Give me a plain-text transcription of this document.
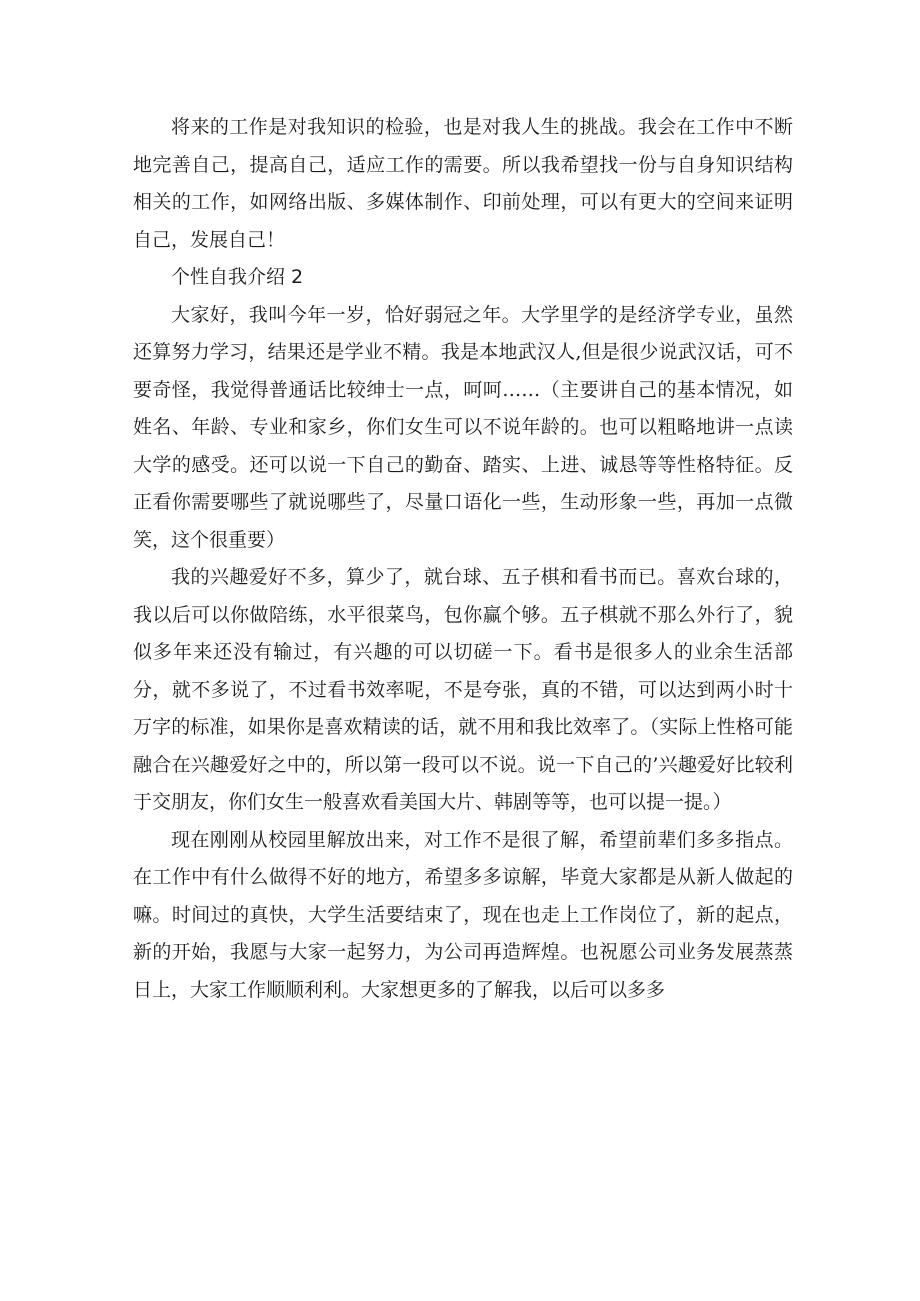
将来的工作是对我知识的检验，也是对我人生的挑战。我会在工作中不断地完善自己，提高自己，适应工作的需要。所以我希望找一份与自身知识结构相关的工作，如网络出版、多媒体制作、印前处理，可以有更大的空间来证明自己，发展自己！

个性自我介绍 2

大家好，我叫今年一岁，恰好弱冠之年。大学里学的是经济学专业，虽然还算努力学习，结果还是学业不精。我是本地武汉人,但是很少说武汉话，可不要奇怪，我觉得普通话比较绅士一点，呵呵……（主要讲自己的基本情况，如姓名、年龄、专业和家乡，你们女生可以不说年龄的。也可以粗略地讲一点读大学的感受。还可以说一下自己的勤奋、踏实、上进、诚恳等等性格特征。反正看你需要哪些了就说哪些了，尽量口语化一些，生动形象一些，再加一点微笑，这个很重要）

我的兴趣爱好不多，算少了，就台球、五子棋和看书而已。喜欢台球的，我以后可以你做陪练，水平很菜鸟，包你赢个够。五子棋就不那么外行了，貌似多年来还没有输过，有兴趣的可以切磋一下。看书是很多人的业余生活部分，就不多说了，不过看书效率呢，不是夸张，真的不错，可以达到两小时十万字的标准，如果你是喜欢精读的话，就不用和我比效率了。（实际上性格可能融合在兴趣爱好之中的，所以第一段可以不说。说一下自己的’兴趣爱好比较利于交朋友，你们女生一般喜欢看美国大片、韩剧等等，也可以提一提。）

现在刚刚从校园里解放出来，对工作不是很了解，希望前辈们多多指点。在工作中有什么做得不好的地方，希望多多谅解，毕竟大家都是从新人做起的嘛。时间过的真快，大学生活要结束了，现在也走上工作岗位了，新的起点，新的开始，我愿与大家一起努力，为公司再造辉煌。也祝愿公司业务发展蒸蒸日上，大家工作顺顺利利。大家想更多的了解我，以后可以多多
